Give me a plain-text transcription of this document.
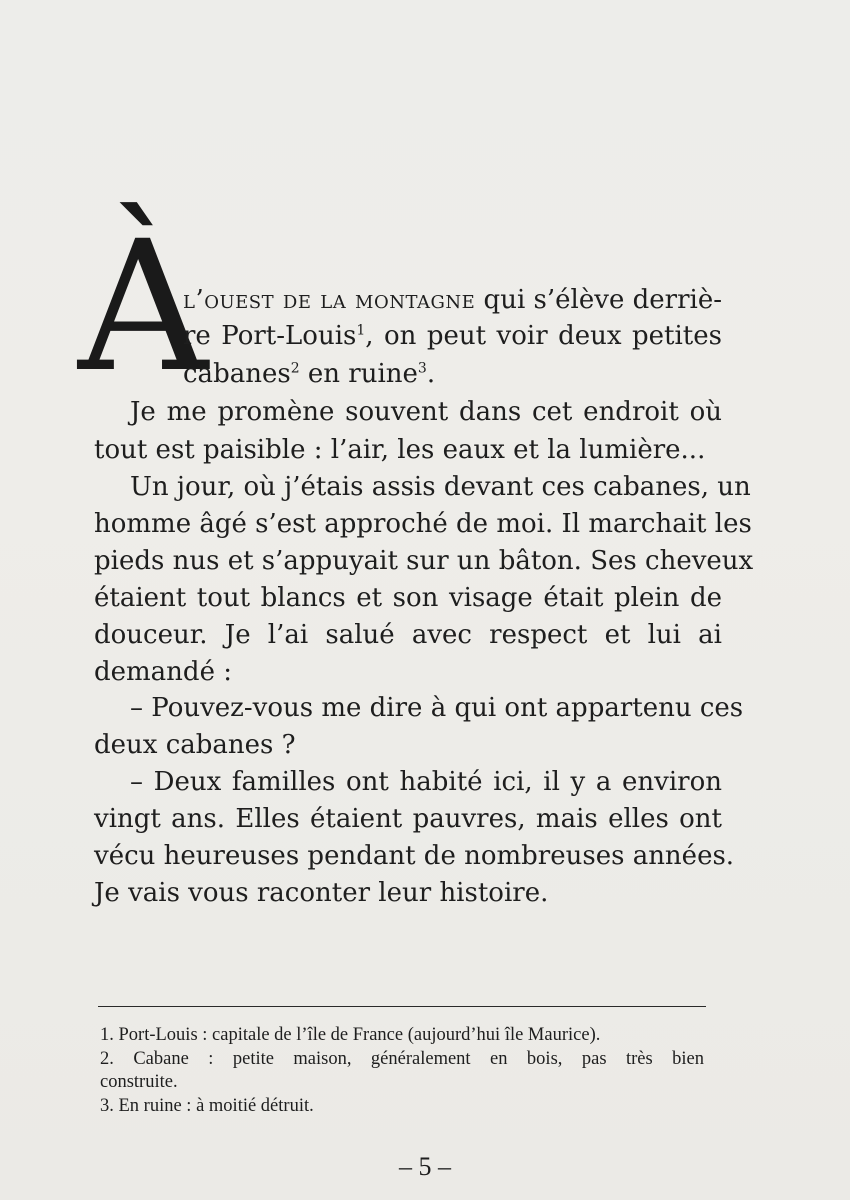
À
l’ouest de la montagne qui s’élève derriè-
re Port-Louis$^1$, on peut voir deux petites
cabanes$^2$ en ruine$^3$.
Je me promène souvent dans cet endroit où
tout est paisible : l’air, les eaux et la lumière...
Un jour, où j’étais assis devant ces cabanes, un
homme âgé s’est approché de moi. Il marchait les
pieds nus et s’appuyait sur un bâton. Ses cheveux
étaient tout blancs et son visage était plein de
douceur. Je l’ai salué avec respect et lui ai
demandé :
– Pouvez-vous me dire à qui ont appartenu ces
deux cabanes ?
– Deux familles ont habité ici, il y a environ
vingt ans. Elles étaient pauvres, mais elles ont
vécu heureuses pendant de nombreuses années.
Je vais vous raconter leur histoire.
1. Port-Louis : capitale de l’île de France (aujourd’hui île Maurice).
2. Cabane : petite maison, généralement en bois, pas très bien
construite.
3. En ruine : à moitié détruit.
– 5 –
